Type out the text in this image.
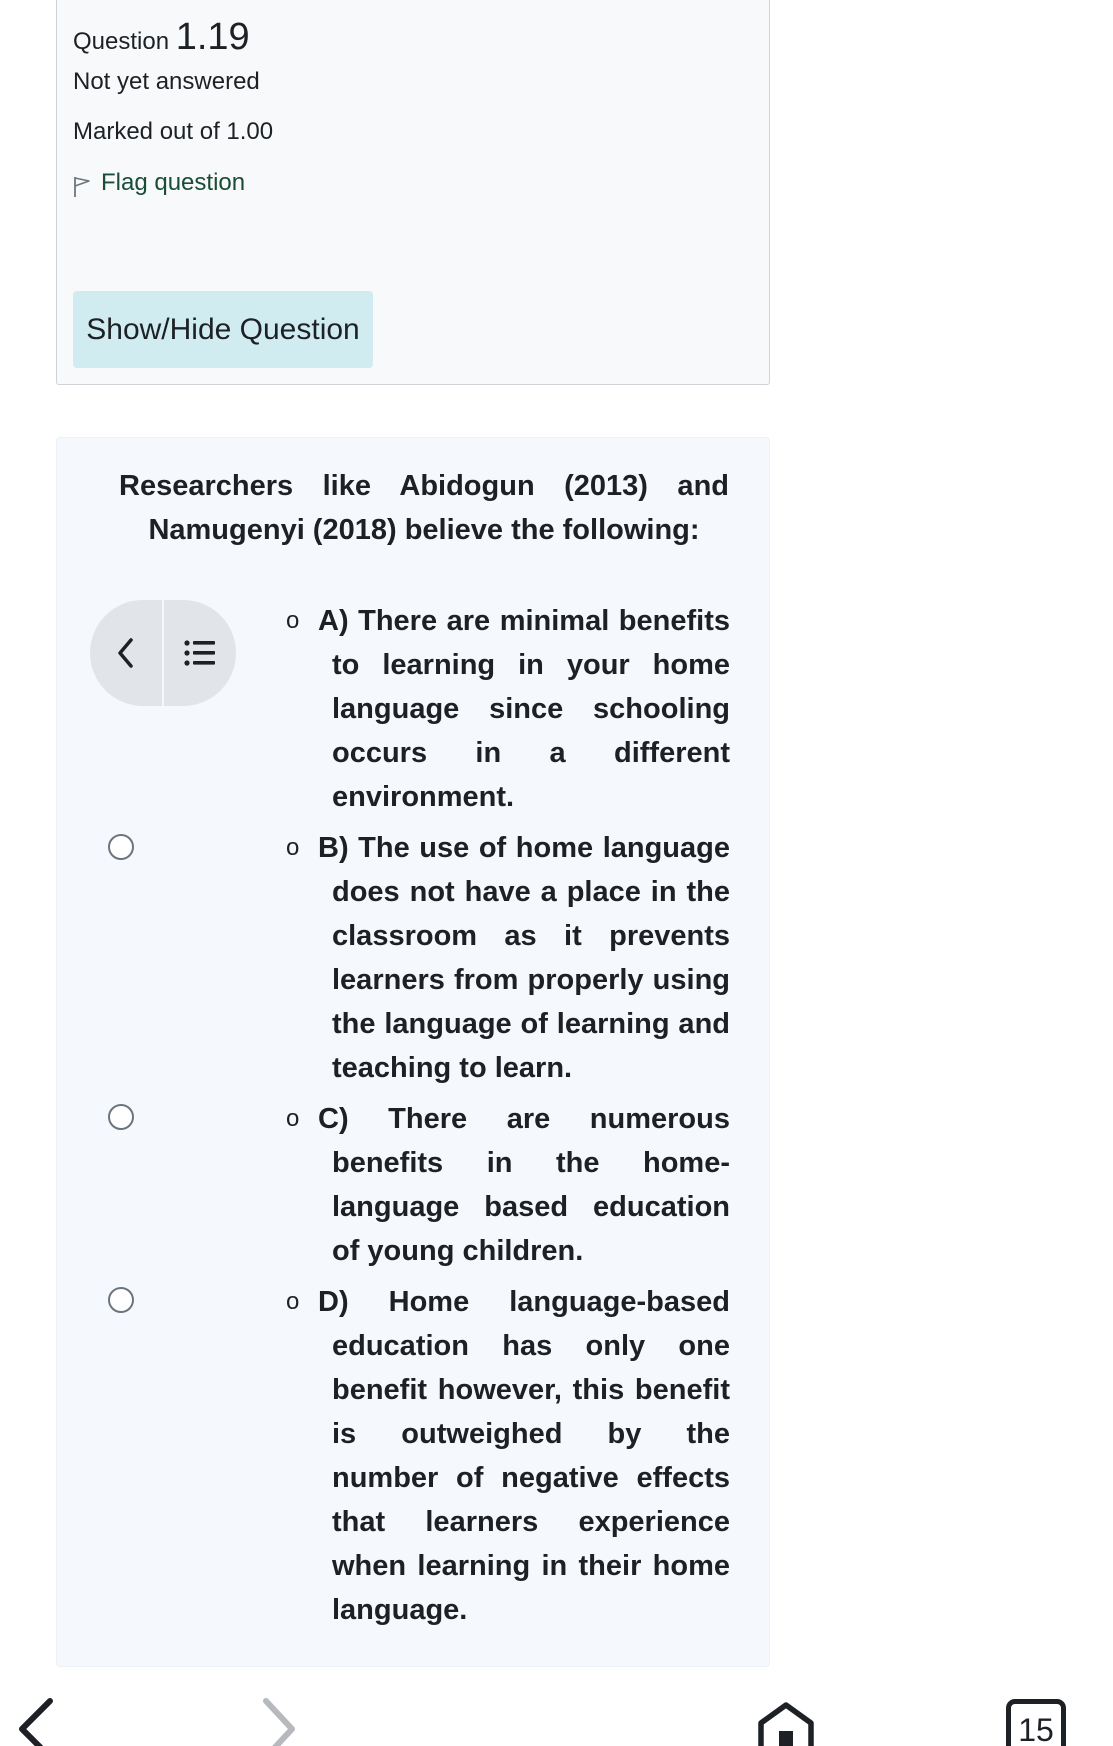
Question 1.19
Not yet answered
Marked out of 1.00
Flag question
Show/Hide Question
Researchers like Abidogun (2013) and Namugenyi (2018) believe the following:
o A) There are minimal benefits to learning in your home language since schooling occurs in a different environment.
o B) The use of home language does not have a place in the classroom as it prevents learners from properly using the language of learning and teaching to learn.
o C) There are numerous benefits in the home-language based education of young children.
o D) Home language-based education has only one benefit however, this benefit is outweighed by the number of negative effects that learners experience when learning in their home language.
15
